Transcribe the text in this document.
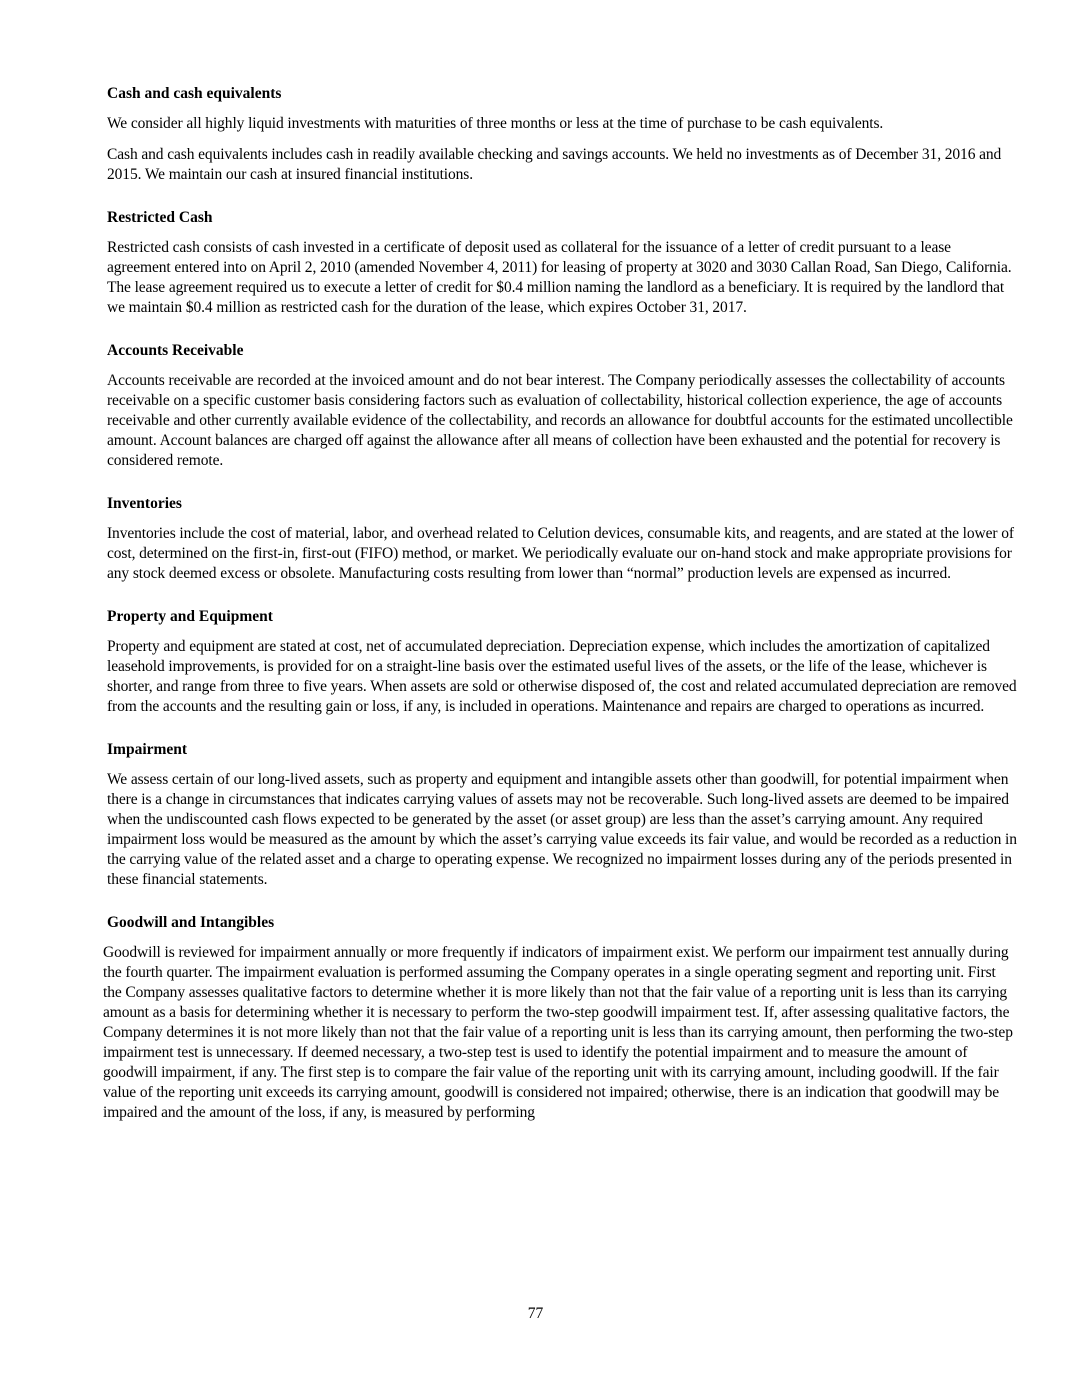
Cash and cash equivalents

We consider all highly liquid investments with maturities of three months or less at the time of purchase to be cash equivalents.

Cash and cash equivalents includes cash in readily available checking and savings accounts. We held no investments as of December 31, 2016 and 2015. We maintain our cash at insured financial institutions.

Restricted Cash

Restricted cash consists of cash invested in a certificate of deposit used as collateral for the issuance of a letter of credit pursuant to a lease agreement entered into on April 2, 2010 (amended November 4, 2011) for leasing of property at 3020 and 3030 Callan Road, San Diego, California. The lease agreement required us to execute a letter of credit for $0.4 million naming the landlord as a beneficiary. It is required by the landlord that we maintain $0.4 million as restricted cash for the duration of the lease, which expires October 31, 2017.

Accounts Receivable

Accounts receivable are recorded at the invoiced amount and do not bear interest. The Company periodically assesses the collectability of accounts receivable on a specific customer basis considering factors such as evaluation of collectability, historical collection experience, the age of accounts receivable and other currently available evidence of the collectability, and records an allowance for doubtful accounts for the estimated uncollectible amount. Account balances are charged off against the allowance after all means of collection have been exhausted and the potential for recovery is considered remote.

Inventories

Inventories include the cost of material, labor, and overhead related to Celution devices, consumable kits, and reagents, and are stated at the lower of cost, determined on the first-in, first-out (FIFO) method, or market. We periodically evaluate our on-hand stock and make appropriate provisions for any stock deemed excess or obsolete. Manufacturing costs resulting from lower than “normal” production levels are expensed as incurred.

Property and Equipment

Property and equipment are stated at cost, net of accumulated depreciation. Depreciation expense, which includes the amortization of capitalized leasehold improvements, is provided for on a straight-line basis over the estimated useful lives of the assets, or the life of the lease, whichever is shorter, and range from three to five years. When assets are sold or otherwise disposed of, the cost and related accumulated depreciation are removed from the accounts and the resulting gain or loss, if any, is included in operations. Maintenance and repairs are charged to operations as incurred.

Impairment

We assess certain of our long-lived assets, such as property and equipment and intangible assets other than goodwill, for potential impairment when there is a change in circumstances that indicates carrying values of assets may not be recoverable. Such long-lived assets are deemed to be impaired when the undiscounted cash flows expected to be generated by the asset (or asset group) are less than the asset’s carrying amount. Any required impairment loss would be measured as the amount by which the asset’s carrying value exceeds its fair value, and would be recorded as a reduction in the carrying value of the related asset and a charge to operating expense. We recognized no impairment losses during any of the periods presented in these financial statements.

Goodwill and Intangibles

Goodwill is reviewed for impairment annually or more frequently if indicators of impairment exist. We perform our impairment test annually during the fourth quarter. The impairment evaluation is performed assuming the Company operates in a single operating segment and reporting unit. First the Company assesses qualitative factors to determine whether it is more likely than not that the fair value of a reporting unit is less than its carrying amount as a basis for determining whether it is necessary to perform the two-step goodwill impairment test. If, after assessing qualitative factors, the Company determines it is not more likely than not that the fair value of a reporting unit is less than its carrying amount, then performing the two-step impairment test is unnecessary. If deemed necessary, a two-step test is used to identify the potential impairment and to measure the amount of goodwill impairment, if any. The first step is to compare the fair value of the reporting unit with its carrying amount, including goodwill. If the fair value of the reporting unit exceeds its carrying amount, goodwill is considered not impaired; otherwise, there is an indication that goodwill may be impaired and the amount of the loss, if any, is measured by performing

77
